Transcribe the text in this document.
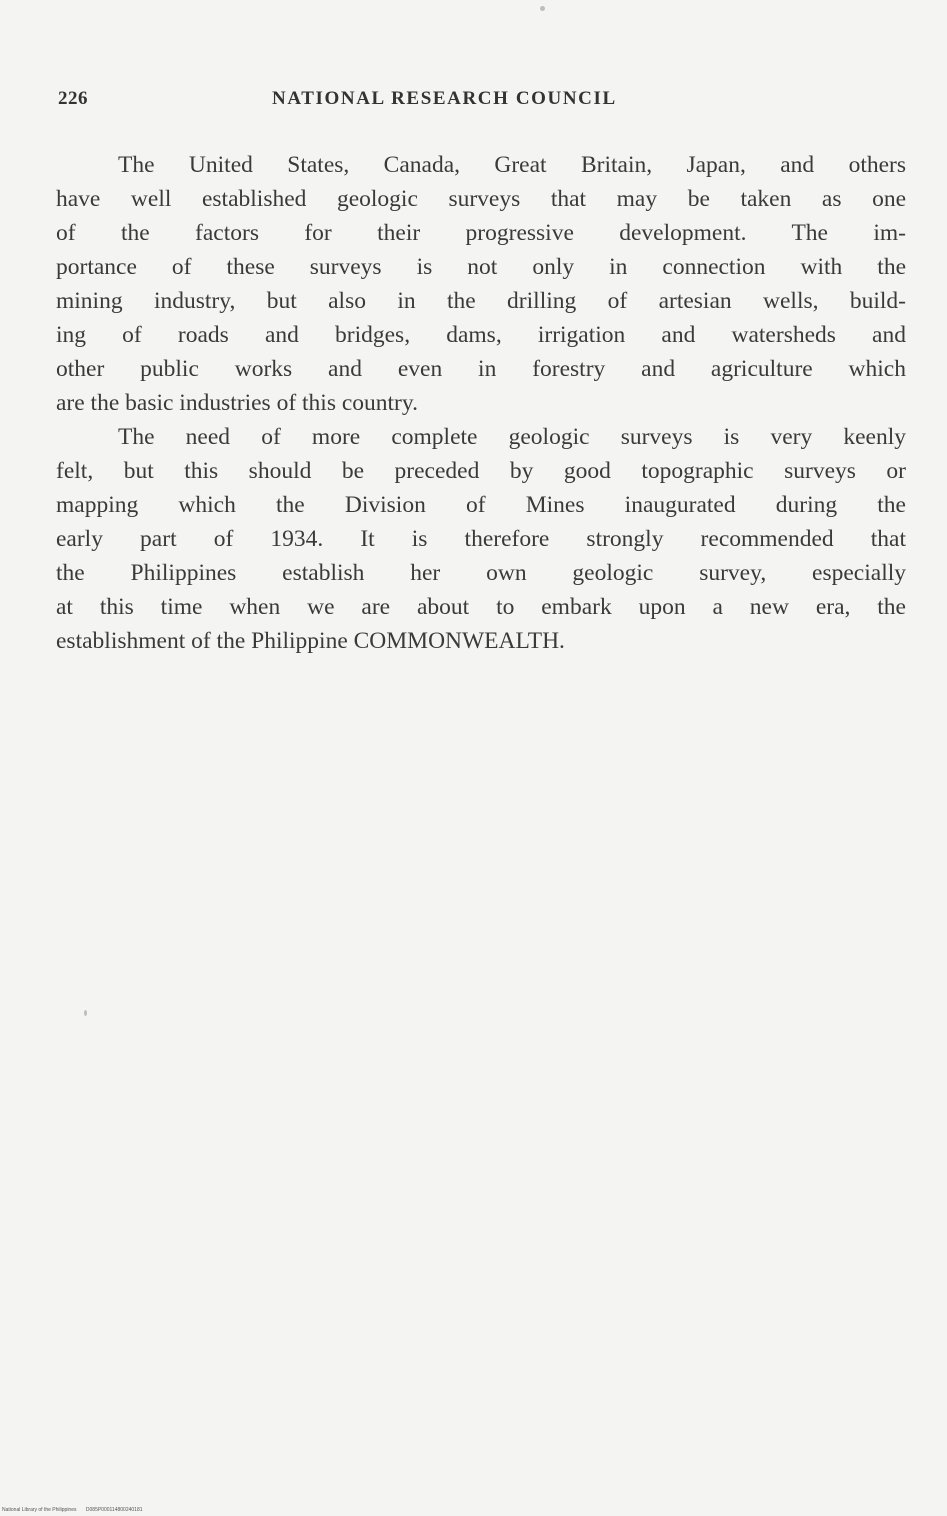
226	NATIONAL RESEARCH COUNCIL
The United States, Canada, Great Britain, Japan, and others
have well established geologic surveys that may be taken as one
of the factors for their progressive development. The im-
portance of these surveys is not only in connection with the
mining industry, but also in the drilling of artesian wells, build-
ing of roads and bridges, dams, irrigation and watersheds and
other public works and even in forestry and agriculture which
are the basic industries of this country.
The need of more complete geologic surveys is very keenly
felt, but this should be preceded by good topographic surveys or
mapping which the Division of Mines inaugurated during the
early part of 1934. It is therefore strongly recommended that
the Philippines establish her own geologic survey, especially
at this time when we are about to embark upon a new era, the
establishment of the Philippine COMMONWEALTH.
National Library of the Philippines D085P000114800240181
